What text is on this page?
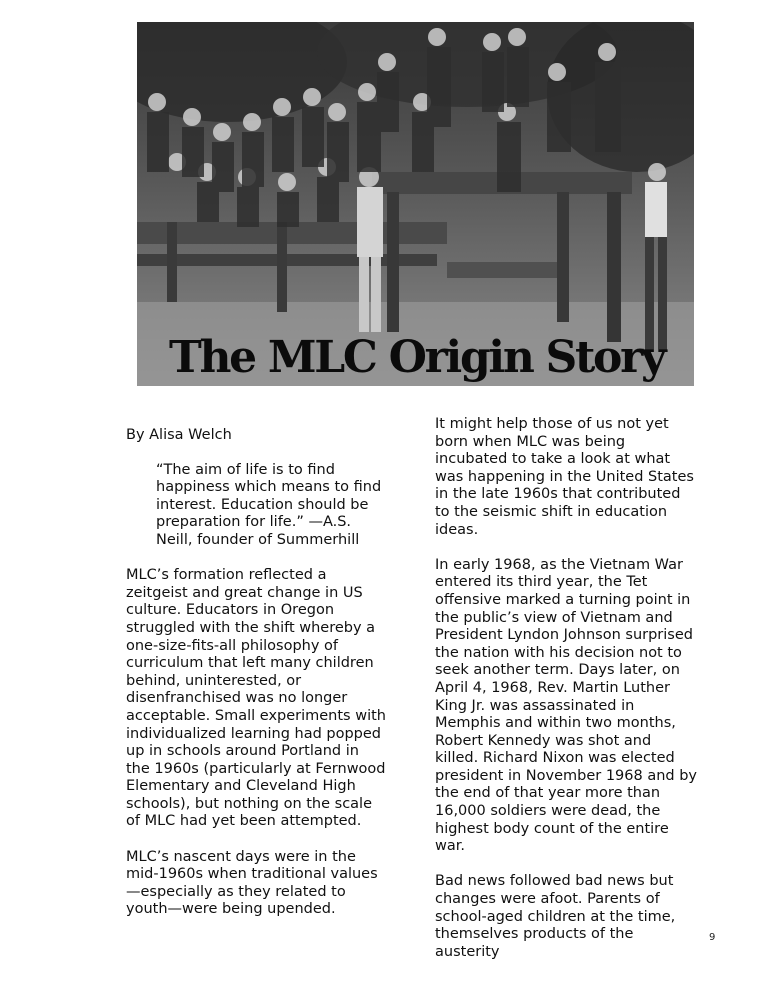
The MLC Origin Story

By Alisa Welch

“The aim of life is to find happiness which means to find interest. Education should be preparation for life.” —A.S. Neill, founder of Summerhill

MLC’s formation reflected a zeitgeist and great change in US culture. Educators in Oregon struggled with the shift whereby a one-size-fits-all philosophy of curriculum that left many children behind, uninterested, or disenfranchised was no longer acceptable. Small experiments with individualized learning had popped up in schools around Portland in the 1960s (particularly at Fernwood Elementary and Cleveland High schools), but nothing on the scale of MLC had yet been attempted.

MLC’s nascent days were in the mid-1960s when traditional values—especially as they related to youth—were being upended.

It might help those of us not yet born when MLC was being incubated to take a look at what was happening in the United States in the late 1960s that contributed to the seismic shift in education ideas.

In early 1968, as the Vietnam War entered its third year, the Tet offensive marked a turning point in the public’s view of Vietnam and President Lyndon Johnson surprised the nation with his decision not to seek another term. Days later, on April 4, 1968, Rev. Martin Luther King Jr. was assassinated in Memphis and within two months, Robert Kennedy was shot and killed. Richard Nixon was elected president in November 1968 and by the end of that year more than 16,000 soldiers were dead, the highest body count of the entire war.

Bad news followed bad news but changes were afoot. Parents of school-aged children at the time, themselves products of the austerity

9
